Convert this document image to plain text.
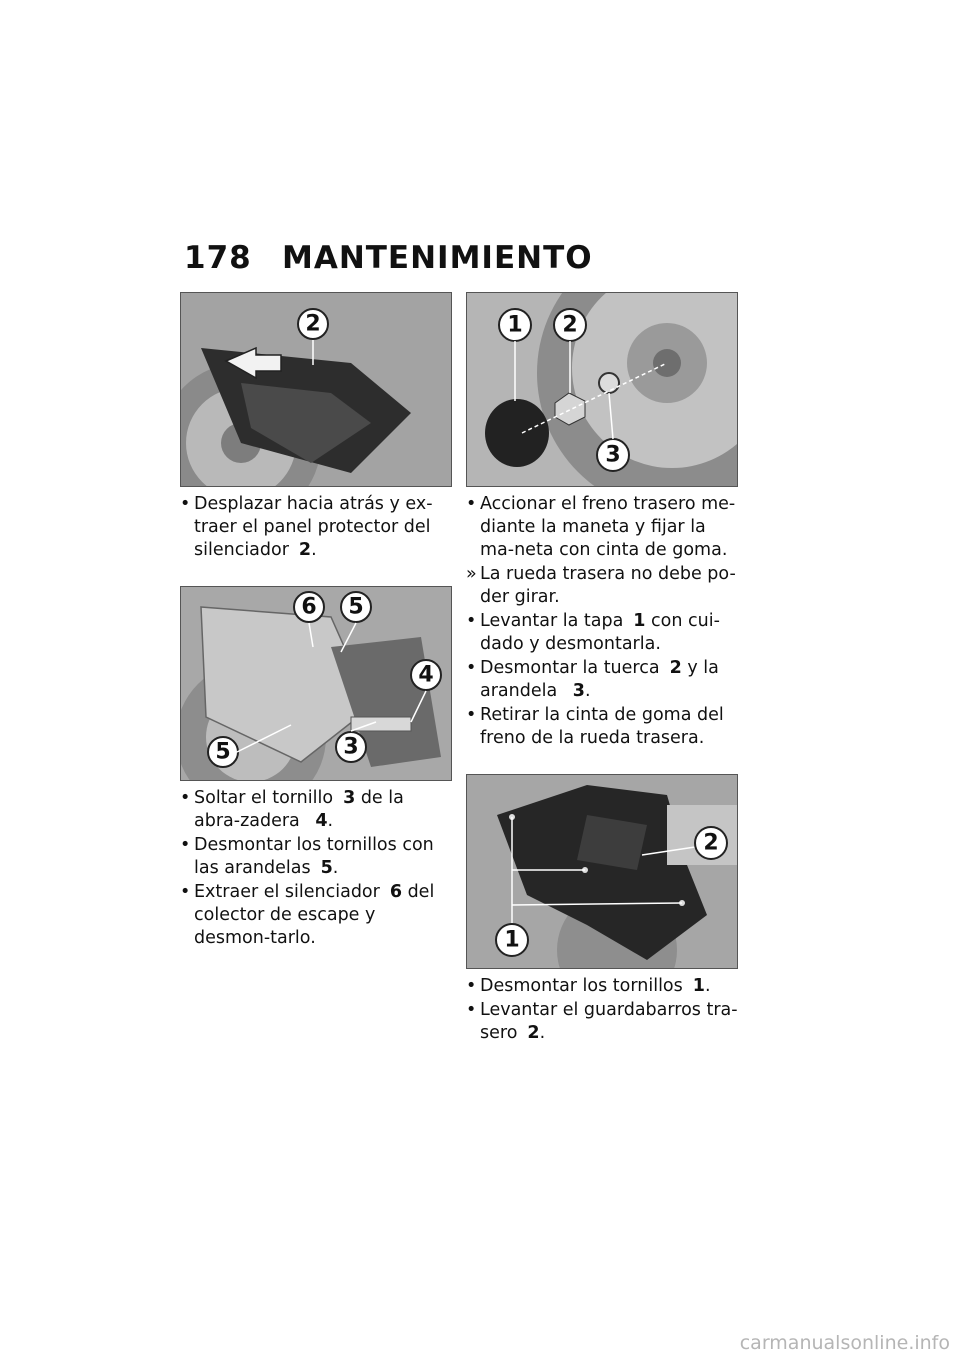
178 MANTENIMIENTO
2
• Desplazar hacia atrás y ex-traer el panel protector del silenciador 2.
6 5
4
5	3
• Soltar el tornillo 3 de la abra-zadera 4.
• Desmontar los tornillos con las arandelas 5.
• Extraer el silenciador 6 del colector de escape y desmon-tarlo.
1 2
3
• Accionar el freno trasero me-diante la maneta y fijar la ma-neta con cinta de goma.
» La rueda trasera no debe po-der girar.
• Levantar la tapa 1 con cui-dado y desmontarla.
• Desmontar la tuerca 2 y la arandela 3.
• Retirar la cinta de goma del freno de la rueda trasera.
2
1
• Desmontar los tornillos 1.
• Levantar el guardabarros tra-sero 2.
carmanualsonline.info
